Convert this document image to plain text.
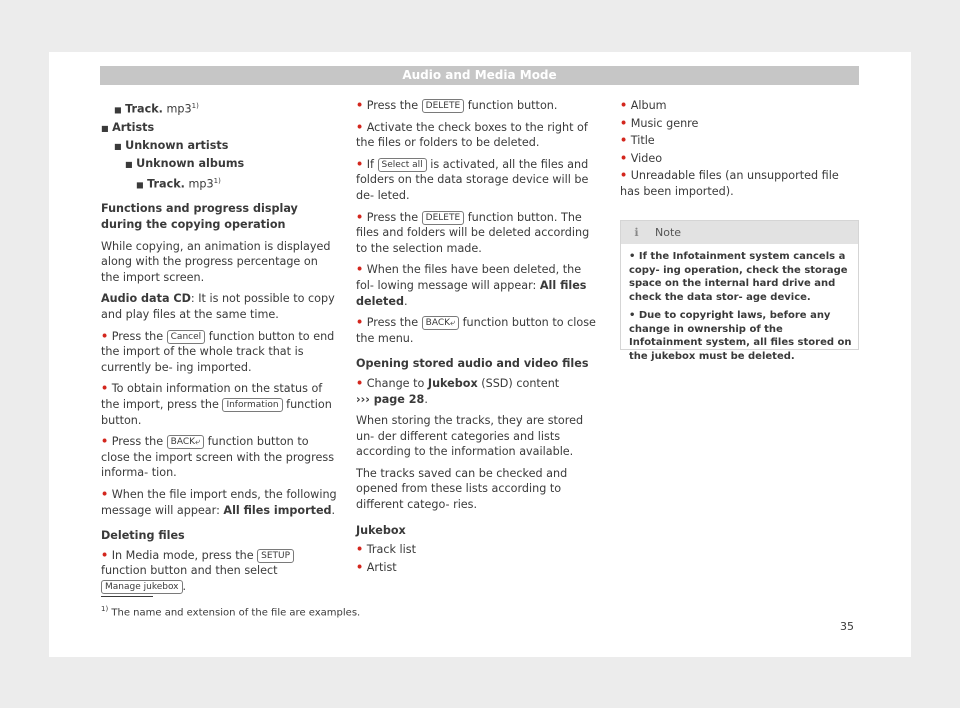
Audio and Media Mode
■ Track. mp3$^{1)}$
■ Artists
■ Unknown artists
■ Unknown albums
■ Track. mp3$^{1)}$

Functions and progress display during the copying operation

While copying, an animation is displayed along with the progress percentage on the import screen.

Audio data CD: It is not possible to copy and play files at the same time.

• Press the Cancel function button to end the import of the whole track that is currently be- ing imported.

• To obtain information on the status of the import, press the Information function button.

• Press the BACK⤶ function button to close the import screen with the progress informa- tion.

• When the file import ends, the following message will appear: All files imported.

Deleting files

• In Media mode, press the SETUP function button and then select Manage jukebox .

• Press the DELETE function button.

• Activate the check boxes to the right of the files or folders to be deleted.

• If Select all is activated, all the files and folders on the data storage device will be de- leted.

• Press the DELETE function button. The files and folders will be deleted according to the selection made.

• When the files have been deleted, the fol- lowing message will appear: All files deleted.

• Press the BACK⤶ function button to close the menu.

Opening stored audio and video files

• Change to Jukebox (SSD) content
››› page 28.

When storing the tracks, they are stored un- der different categories and lists according to the information available.

The tracks saved can be checked and opened from these lists according to different catego- ries.

Jukebox

• Track list

• Artist

• Album

• Music genre

• Title

• Video

• Unreadable files (an unsupported file has been imported).

ℹ	Note

• If the Infotainment system cancels a copy- ing operation, check the storage space on the internal hard drive and check the data stor- age device.

• Due to copyright laws, before any change in ownership of the Infotainment system, all files stored on the jukebox must be deleted.

$^{1)}$ The name and extension of the file are examples.
35
